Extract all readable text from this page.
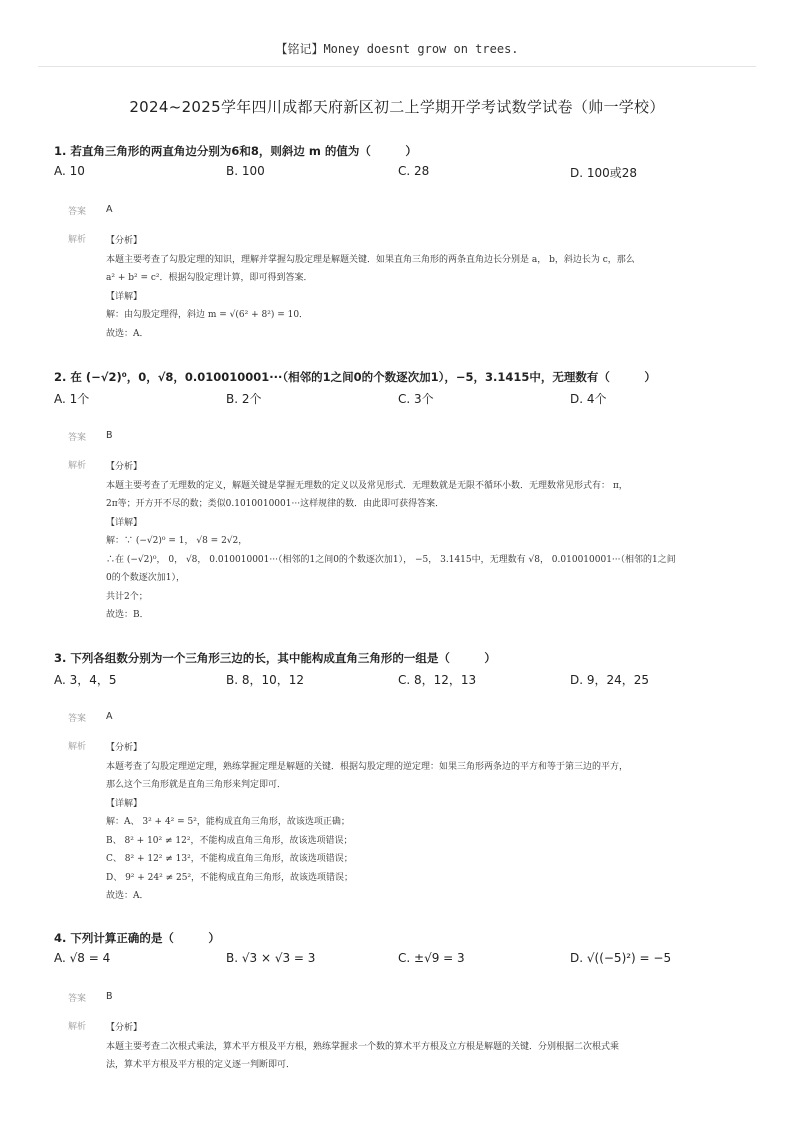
【铭记】Money doesnt grow on trees.
2024~2025学年四川成都天府新区初二上学期开学考试数学试卷（帅一学校）
1. 若直角三角形的两直角边分别为6和8，则斜边 m 的值为（　　　）
A. 10	B. 100	C. 28	D. 100或28
答案 A
解析 【分析】
本题主要考查了勾股定理的知识，理解并掌握勾股定理是解题关键．如果直角三角形的两条直角边长分别是 a， b，斜边长为 c，那么
a² + b² = c²．根据勾股定理计算，即可得到答案．
【详解】
解：由勾股定理得，斜边 m = √(6² + 8²) = 10．
故选：A．
2. 在 (−√2)⁰，0，√8，0.010010001···（相邻的1之间0的个数逐次加1），−5，3.1415中，无理数有（　　　）
A. 1个	B. 2个	C. 3个	D. 4个
答案 B
解析 【分析】
本题主要考查了无理数的定义，解题关键是掌握无理数的定义以及常见形式．无理数就是无限不循环小数．无理数常见形式有： π，
2π等；开方开不尽的数；类似0.1010010001···这样规律的数．由此即可获得答案．
【详解】
解：∵ (−√2)⁰ = 1， √8 = 2√2，
∴在 (−√2)⁰， 0， √8， 0.010010001···（相邻的1之间0的个数逐次加1）， −5， 3.1415中，无理数有 √8， 0.010010001···（相邻的1之间
0的个数逐次加1），
共计2个；
故选：B．
3. 下列各组数分别为一个三角形三边的长，其中能构成直角三角形的一组是（　　　）
A. 3，4，5	B. 8，10，12	C. 8，12，13	D. 9，24，25
答案 A
解析 【分析】
本题考查了勾股定理逆定理，熟练掌握定理是解题的关键．根据勾股定理的逆定理：如果三角形两条边的平方和等于第三边的平方，
那么这个三角形就是直角三角形来判定即可．
【详解】
解：A、 3² + 4² = 5²，能构成直角三角形，故该选项正确；
B、 8² + 10² ≠ 12²，不能构成直角三角形，故该选项错误；
C、 8² + 12² ≠ 13²，不能构成直角三角形，故该选项错误；
D、 9² + 24² ≠ 25²，不能构成直角三角形，故该选项错误；
故选：A．
4. 下列计算正确的是（　　　）
A. √8 = 4	B. √3 × √3 = 3	C. ±√9 = 3	D. √((−5)²) = −5
答案 B
解析 【分析】
本题主要考查二次根式乘法，算术平方根及平方根，熟练掌握求一个数的算术平方根及立方根是解题的关键．分别根据二次根式乘
法，算术平方根及平方根的定义逐一判断即可．
